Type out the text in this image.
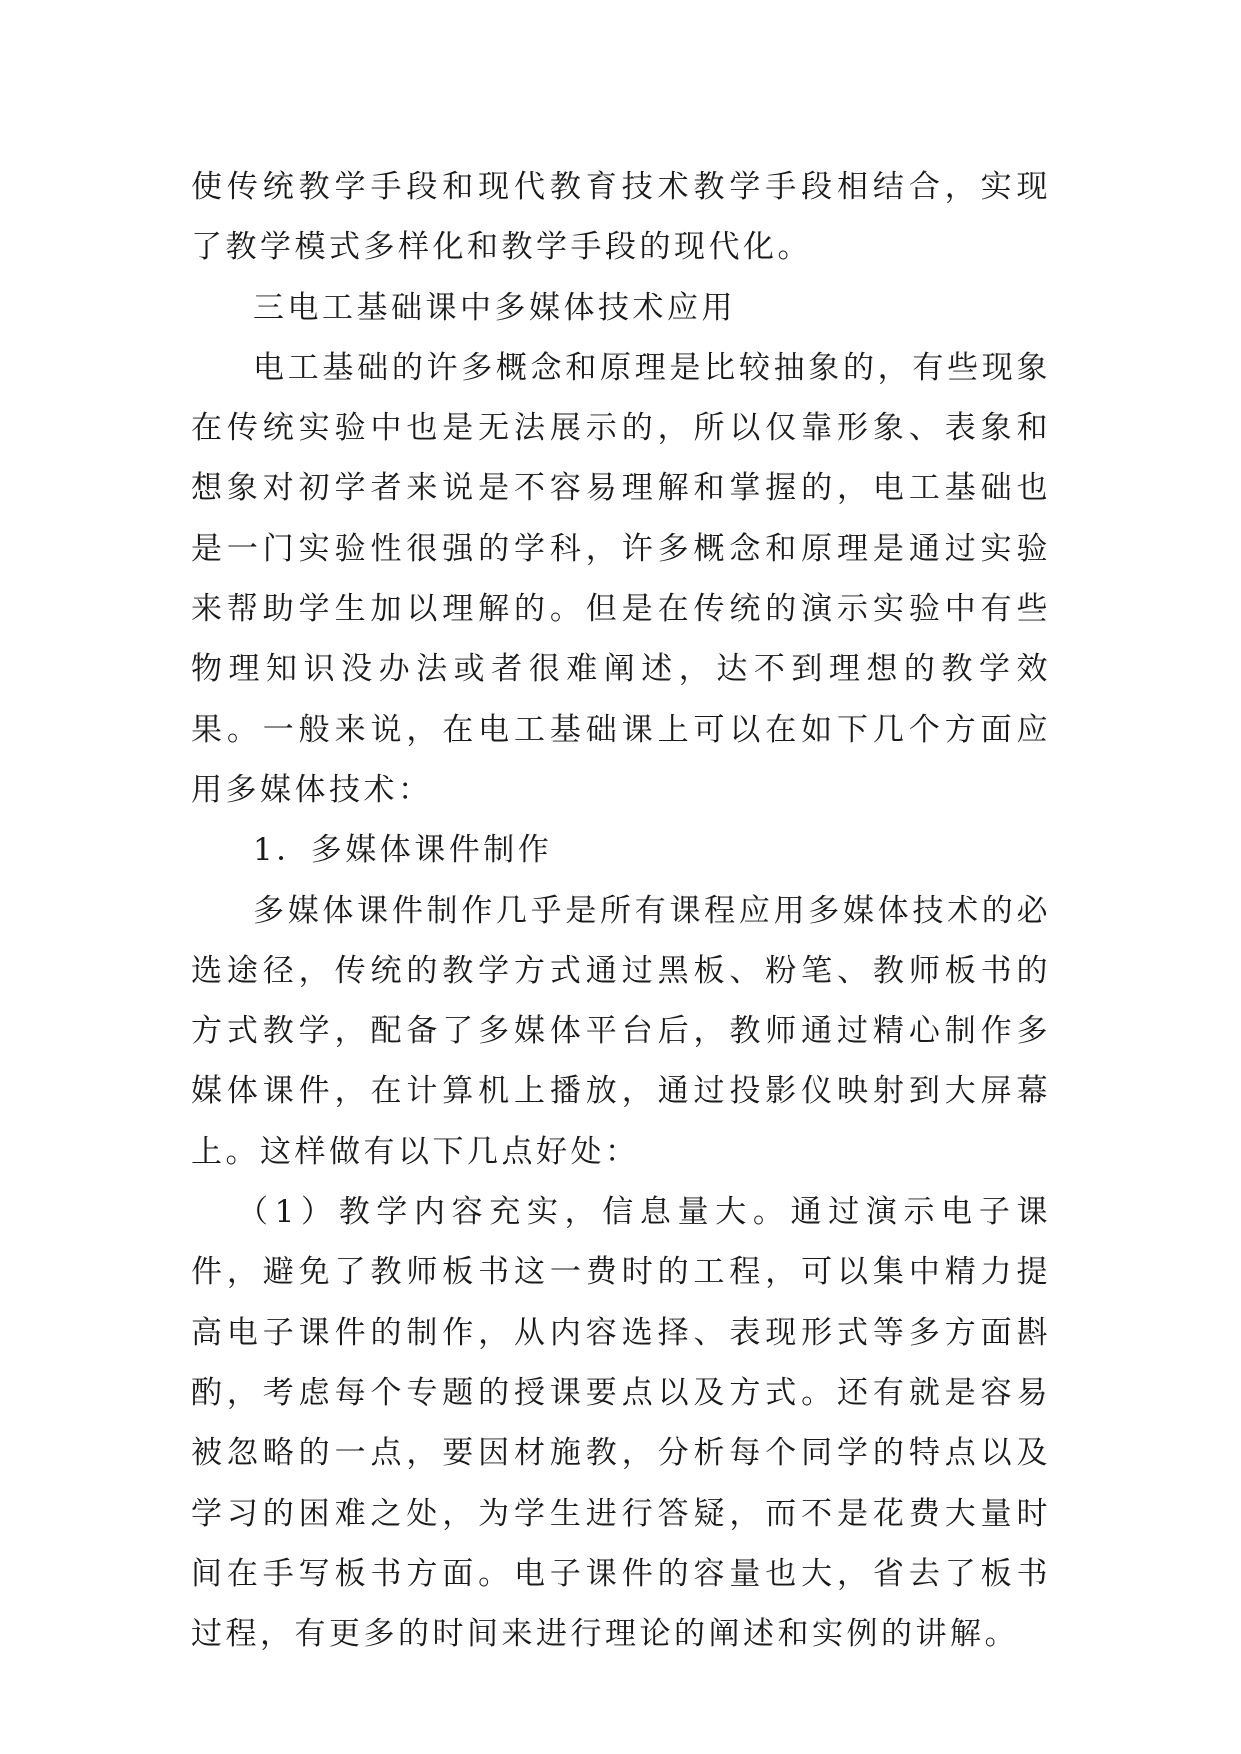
使传统教学手段和现代教育技术教学手段相结合，实现了教学模式多样化和教学手段的现代化。

三电工基础课中多媒体技术应用

电工基础的许多概念和原理是比较抽象的，有些现象在传统实验中也是无法展示的，所以仅靠形象、表象和想象对初学者来说是不容易理解和掌握的，电工基础也是一门实验性很强的学科，许多概念和原理是通过实验来帮助学生加以理解的。但是在传统的演示实验中有些物理知识没办法或者很难阐述，达不到理想的教学效果。一般来说，在电工基础课上可以在如下几个方面应用多媒体技术：

1．多媒体课件制作

多媒体课件制作几乎是所有课程应用多媒体技术的必选途径，传统的教学方式通过黑板、粉笔、教师板书的方式教学，配备了多媒体平台后，教师通过精心制作多媒体课件，在计算机上播放，通过投影仪映射到大屏幕上。这样做有以下几点好处：

（1）教学内容充实，信息量大。通过演示电子课件，避免了教师板书这一费时的工程，可以集中精力提高电子课件的制作，从内容选择、表现形式等多方面斟酌，考虑每个专题的授课要点以及方式。还有就是容易被忽略的一点，要因材施教，分析每个同学的特点以及学习的困难之处，为学生进行答疑，而不是花费大量时间在手写板书方面。电子课件的容量也大，省去了板书过程，有更多的时间来进行理论的阐述和实例的讲解。
